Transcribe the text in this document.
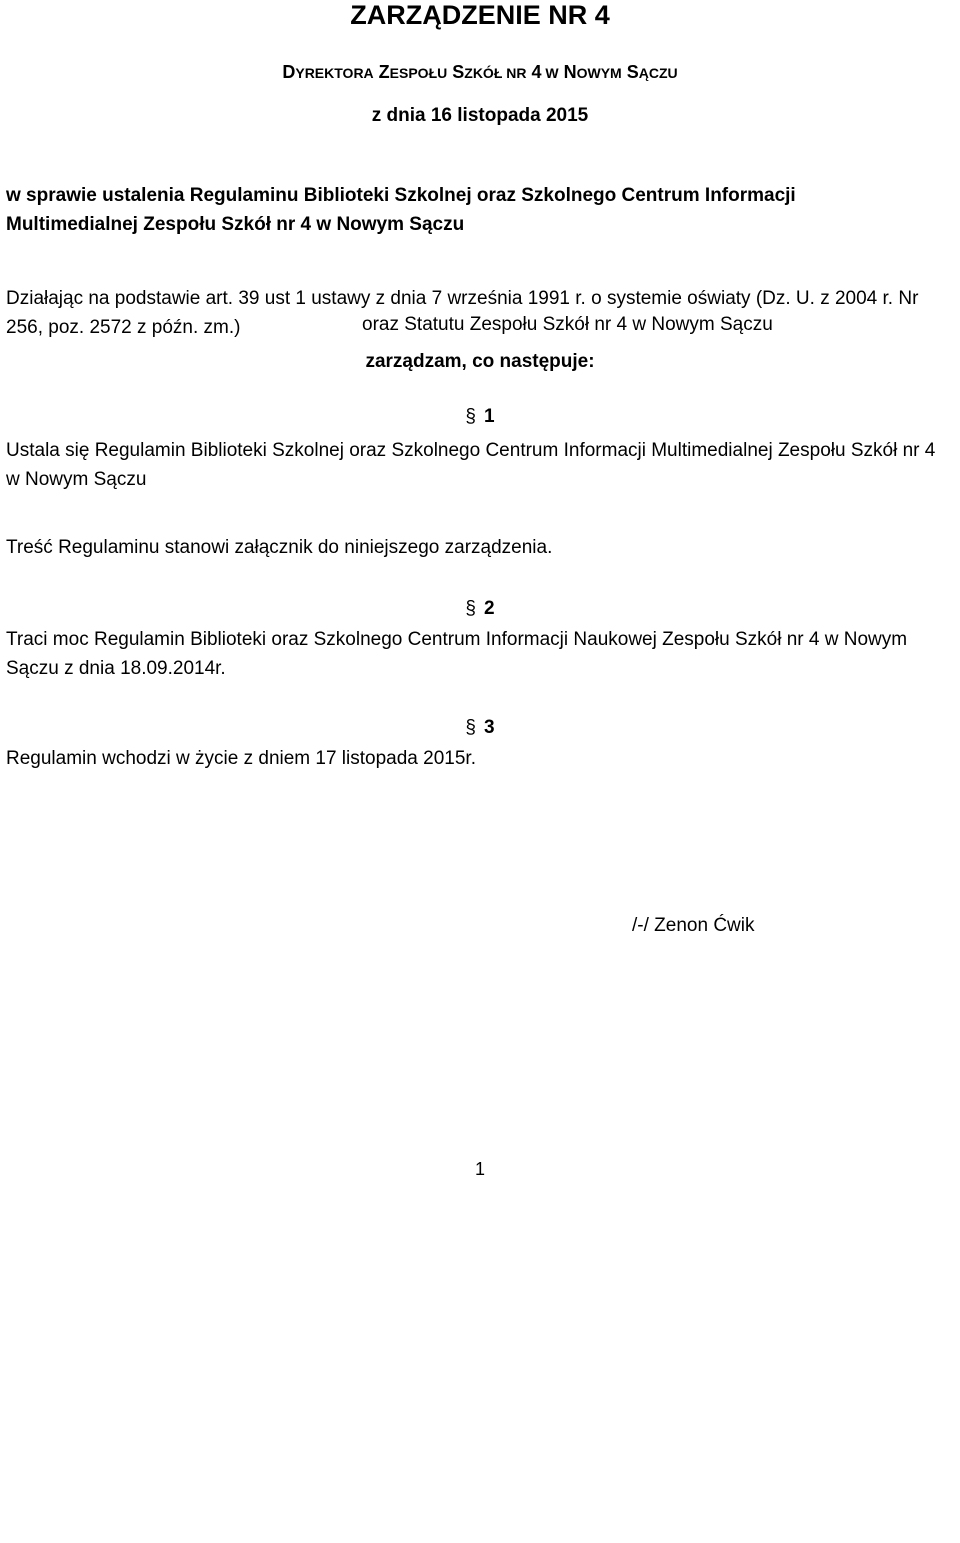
ZARZĄDZENIE NR 4
DYREKTORA ZESPOŁU SZKÓŁ NR 4 W NOWYM SĄCZU
z dnia 16 listopada 2015

w sprawie ustalenia Regulaminu Biblioteki Szkolnej oraz Szkolnego Centrum Informacji Multimedialnej Zespołu Szkół nr 4 w Nowym Sączu

Działając na podstawie art. 39 ust 1 ustawy z dnia 7 września 1991 r. o systemie oświaty (Dz. U. z 2004 r. Nr 256, poz. 2572 z późn. zm.)	oraz Statutu Zespołu Szkół nr 4 w Nowym Sączu
zarządzam, co następuje:
§ 1

Ustala się Regulamin Biblioteki Szkolnej oraz Szkolnego Centrum Informacji Multimedialnej Zespołu Szkół nr 4 w Nowym Sączu

Treść Regulaminu stanowi załącznik do niniejszego zarządzenia.

§ 2

Traci moc Regulamin Biblioteki oraz Szkolnego Centrum Informacji Naukowej Zespołu Szkół nr 4 w Nowym Sączu z dnia 18.09.2014r.

§ 3

Regulamin wchodzi w życie z dniem 17 listopada 2015r.

/-/ Zenon Ćwik
1
